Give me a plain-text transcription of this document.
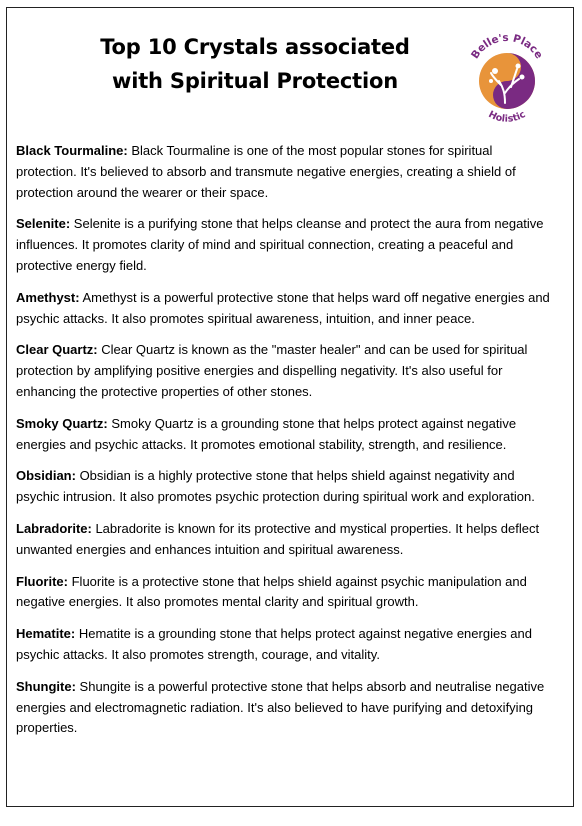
Top 10 Crystals associated
with Spiritual Protection
Belle's Place
Holistic

Black Tourmaline: Black Tourmaline is one of the most popular stones for spiritual protection. It's believed to absorb and transmute negative energies, creating a shield of protection around the wearer or their space.

Selenite: Selenite is a purifying stone that helps cleanse and protect the aura from negative influences. It promotes clarity of mind and spiritual connection, creating a peaceful and protective energy field.

Amethyst: Amethyst is a powerful protective stone that helps ward off negative energies and psychic attacks. It also promotes spiritual awareness, intuition, and inner peace.

Clear Quartz: Clear Quartz is known as the "master healer" and can be used for spiritual protection by amplifying positive energies and dispelling negativity. It's also useful for enhancing the protective properties of other stones.

Smoky Quartz: Smoky Quartz is a grounding stone that helps protect against negative energies and psychic attacks. It promotes emotional stability, strength, and resilience.

Obsidian: Obsidian is a highly protective stone that helps shield against negativity and psychic intrusion. It also promotes psychic protection during spiritual work and exploration.

Labradorite: Labradorite is known for its protective and mystical properties. It helps deflect unwanted energies and enhances intuition and spiritual awareness.

Fluorite: Fluorite is a protective stone that helps shield against psychic manipulation and negative energies. It also promotes mental clarity and spiritual growth.

Hematite: Hematite is a grounding stone that helps protect against negative energies and psychic attacks. It also promotes strength, courage, and vitality.

Shungite: Shungite is a powerful protective stone that helps absorb and neutralise negative energies and electromagnetic radiation. It's also believed to have purifying and detoxifying properties.
